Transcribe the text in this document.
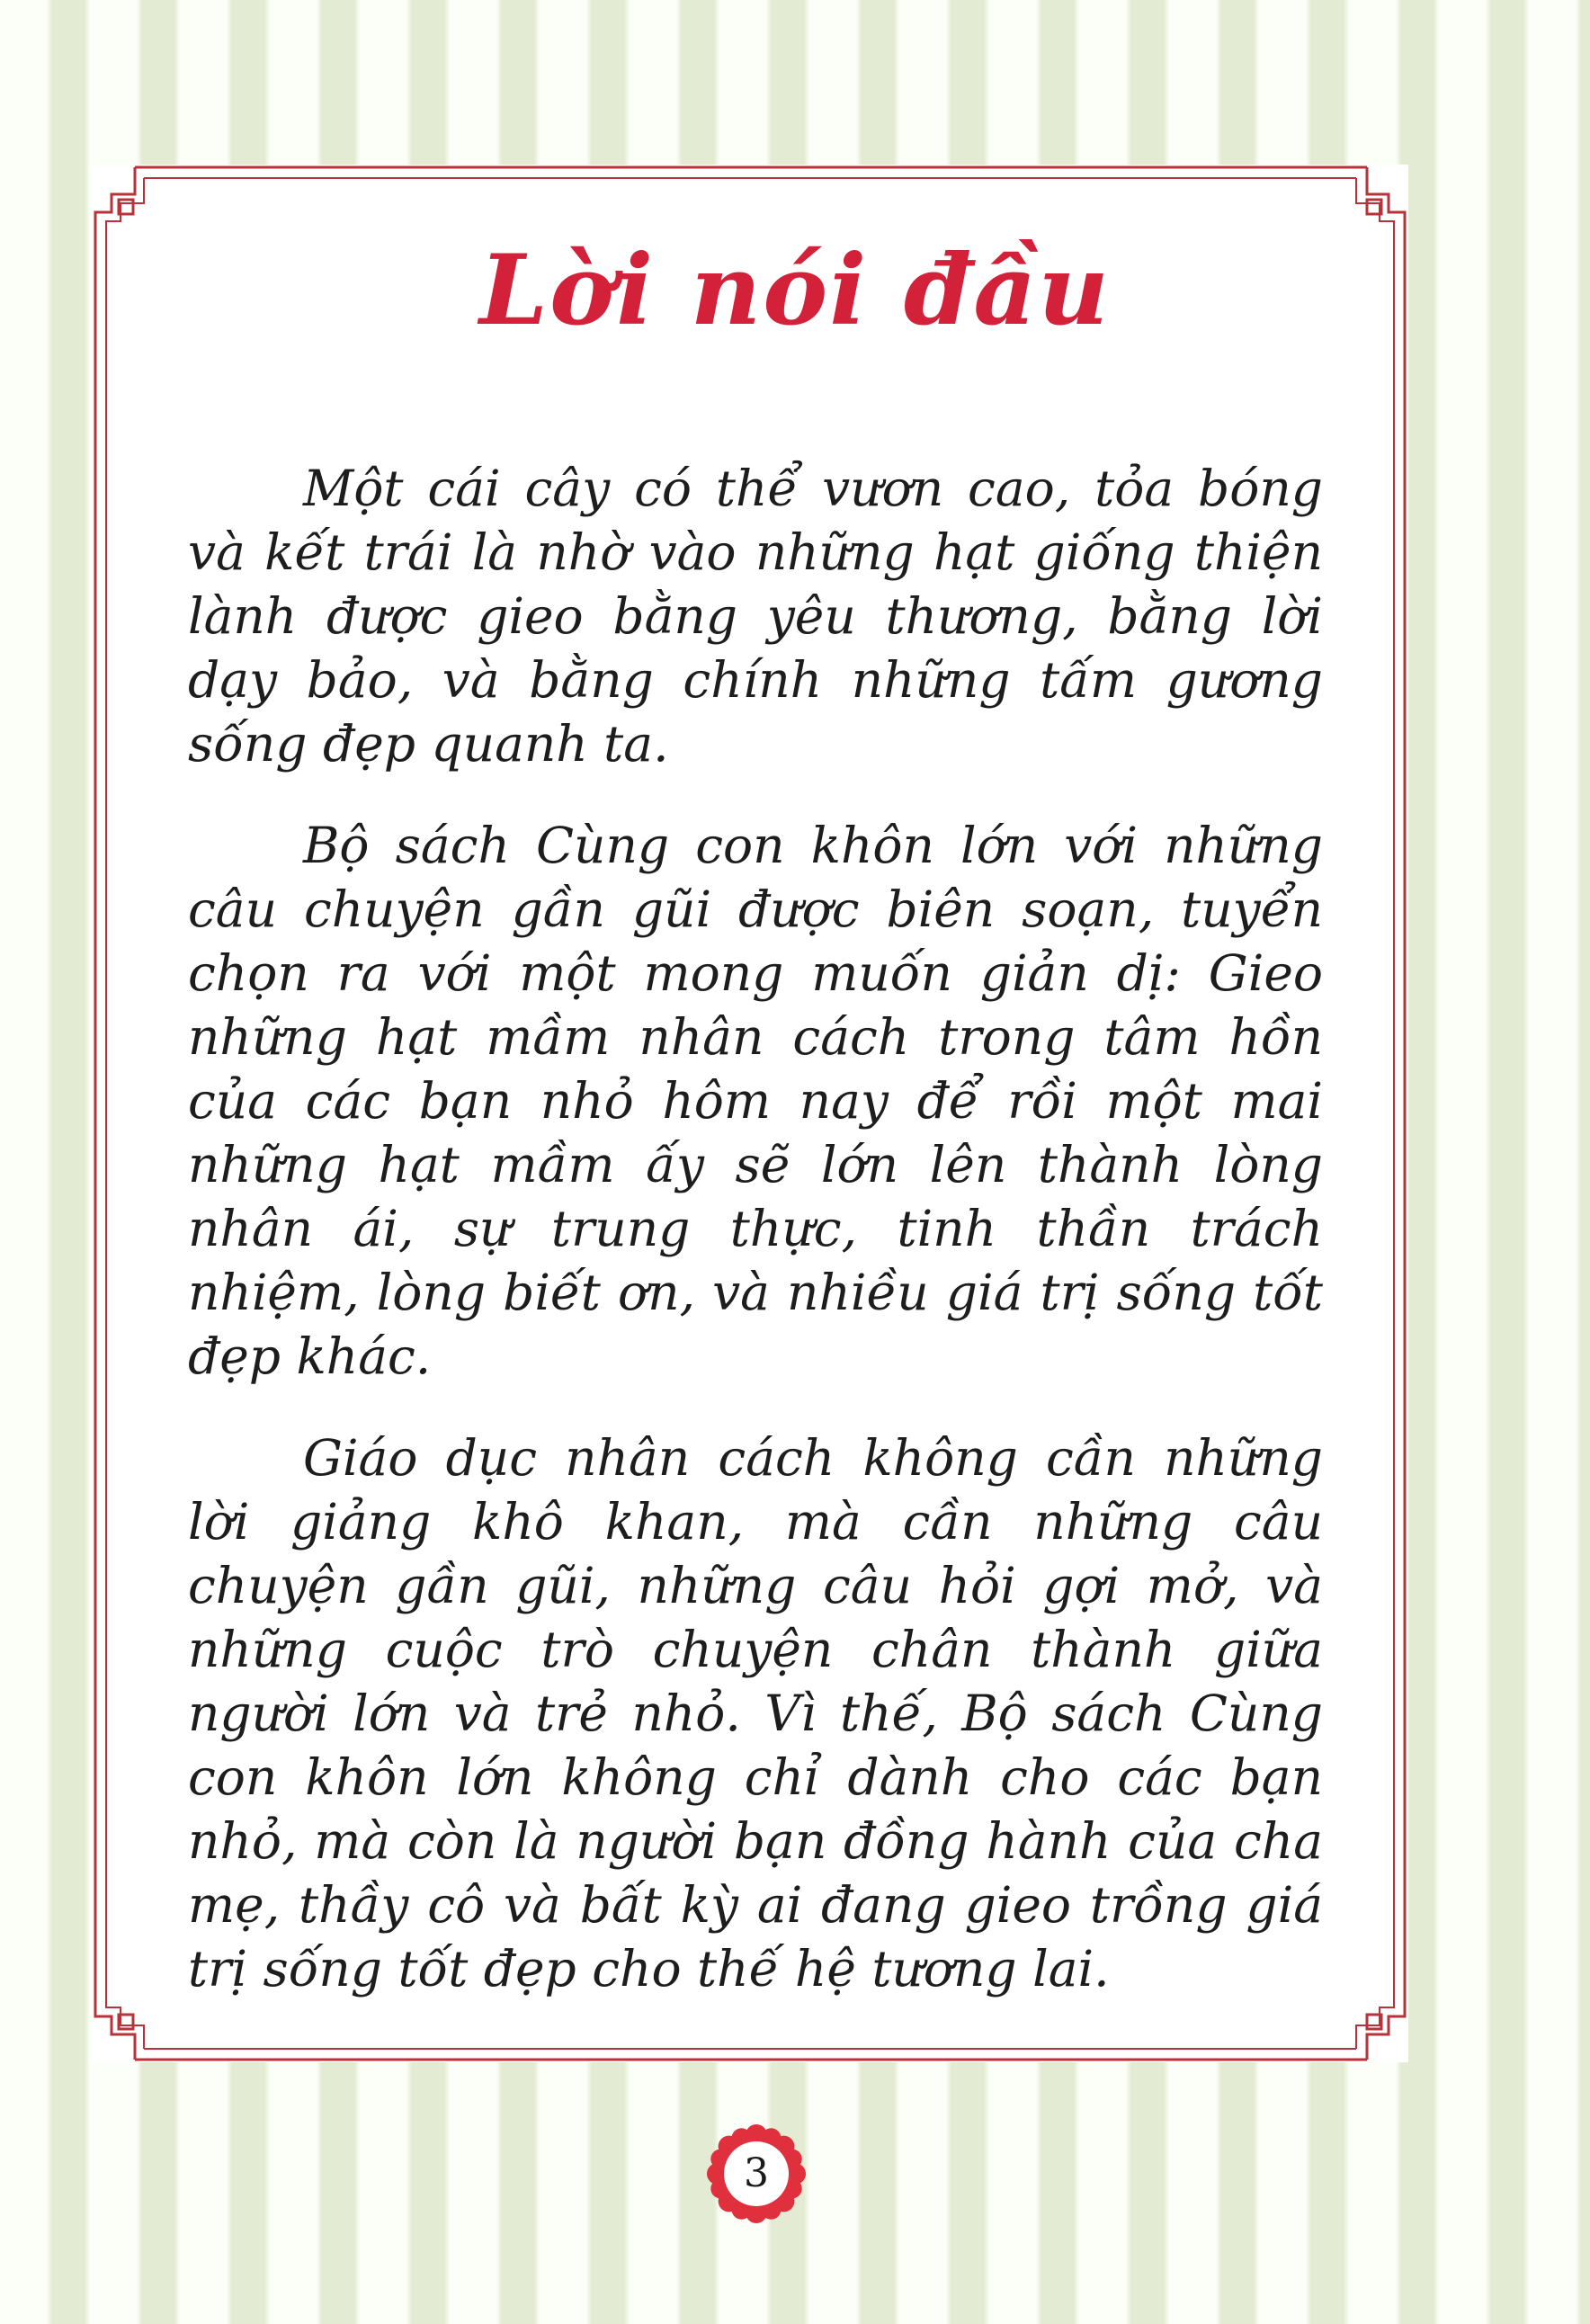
Lời nói đầu

Một cái cây có thể vươn cao, tỏa bóng và kết trái là nhờ vào những hạt giống thiện lành được gieo bằng yêu thương, bằng lời dạy bảo, và bằng chính những tấm gương sống đẹp quanh ta.

Bộ sách Cùng con khôn lớn với những câu chuyện gần gũi được biên soạn, tuyển chọn ra với một mong muốn giản dị: Gieo những hạt mầm nhân cách trong tâm hồn của các bạn nhỏ hôm nay để rồi một mai những hạt mầm ấy sẽ lớn lên thành lòng nhân ái, sự trung thực, tinh thần trách nhiệm, lòng biết ơn, và nhiều giá trị sống tốt đẹp khác.

Giáo dục nhân cách không cần những lời giảng khô khan, mà cần những câu chuyện gần gũi, những câu hỏi gợi mở, và những cuộc trò chuyện chân thành giữa người lớn và trẻ nhỏ. Vì thế, Bộ sách Cùng con khôn lớn không chỉ dành cho các bạn nhỏ, mà còn là người bạn đồng hành của cha mẹ, thầy cô và bất kỳ ai đang gieo trồng giá trị sống tốt đẹp cho thế hệ tương lai.

3
